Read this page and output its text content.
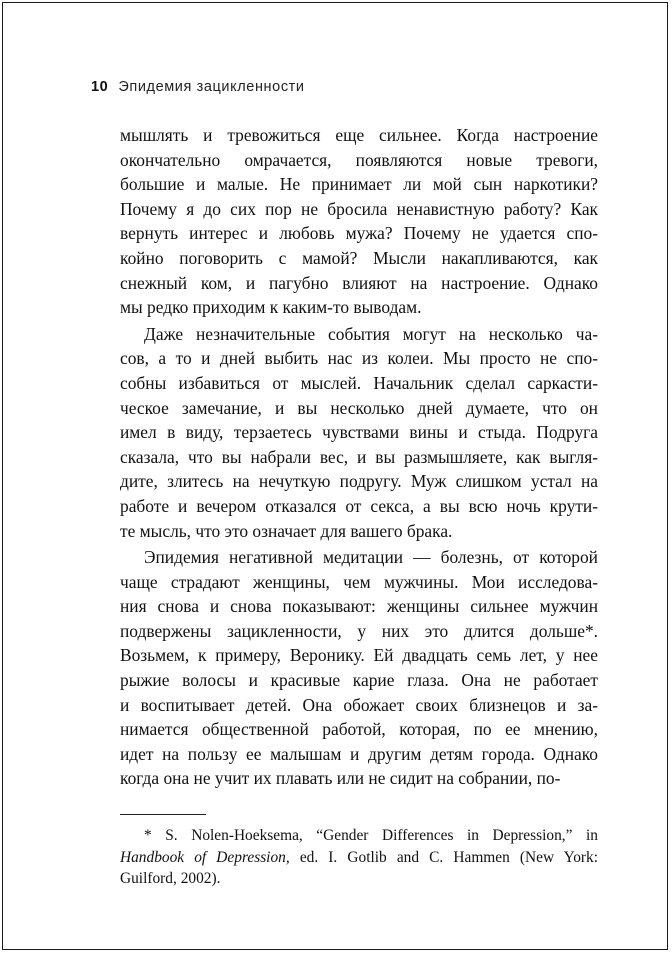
10 Эпидемия зацикленности
мышлять и тревожиться еще сильнее. Когда настроение
окончательно омрачается, появляются новые тревоги,
большие и малые. Не принимает ли мой сын наркотики?
Почему я до сих пор не бросила ненавистную работу? Как
вернуть интерес и любовь мужа? Почему не удается спо-
койно поговорить с мамой? Мысли накапливаются, как
снежный ком, и пагубно влияют на настроение. Однако
мы редко приходим к каким-то выводам.
Даже незначительные события могут на несколько ча-
сов, а то и дней выбить нас из колеи. Мы просто не спо-
собны избавиться от мыслей. Начальник сделал саркасти-
ческое замечание, и вы несколько дней думаете, что он
имел в виду, терзаетесь чувствами вины и стыда. Подруга
сказала, что вы набрали вес, и вы размышляете, как выгля-
дите, злитесь на нечуткую подругу. Муж слишком устал на
работе и вечером отказался от секса, а вы всю ночь крути-
те мысль, что это означает для вашего брака.
Эпидемия негативной медитации — болезнь, от которой
чаще страдают женщины, чем мужчины. Мои исследова-
ния снова и снова показывают: женщины сильнее мужчин
подвержены зацикленности, у них это длится дольше*.
Возьмем, к примеру, Веронику. Ей двадцать семь лет, у нее
рыжие волосы и красивые карие глаза. Она не работает
и воспитывает детей. Она обожает своих близнецов и за-
нимается общественной работой, которая, по ее мнению,
идет на пользу ее малышам и другим детям города. Однако
когда она не учит их плавать или не сидит на собрании, по-
* S. Nolen-Hoeksema, “Gender Differences in Depression,” in
Handbook of Depression, ed. I. Gotlib and C. Hammen (New York:
Guilford, 2002).
